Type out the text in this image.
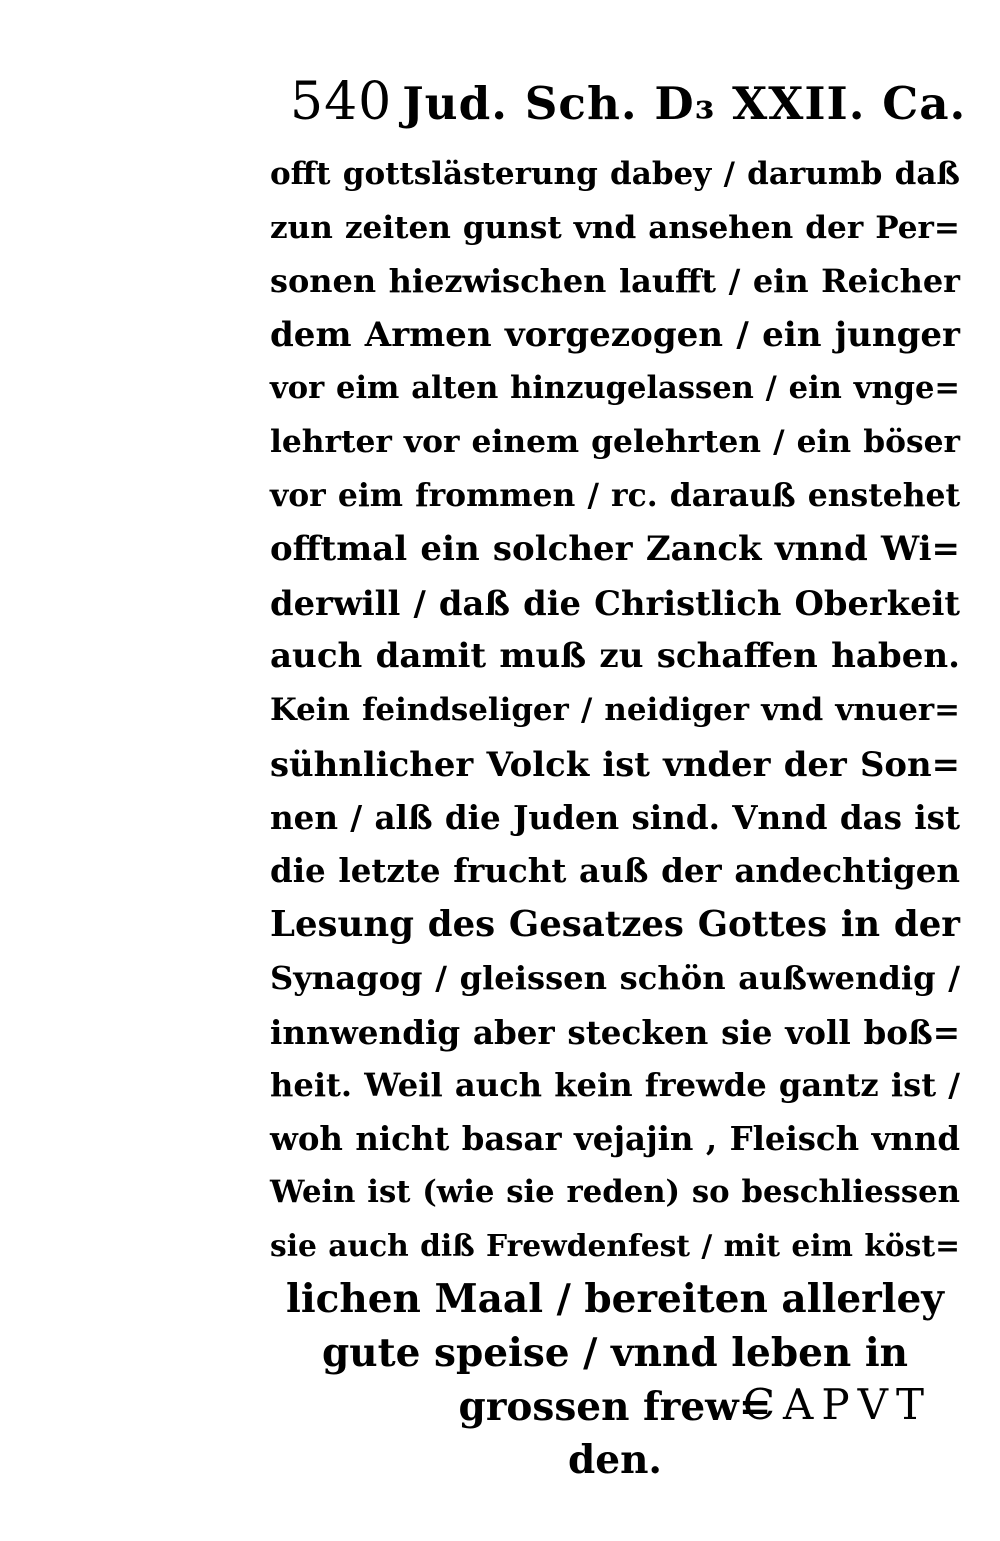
540 Jud. Sch. D₃ XXII. Ca.
offt gottslästerung dabey / darumb daß
zun zeiten gunst vnd ansehen der Per=
sonen hiezwischen laufft / ein Reicher
dem Armen vorgezogen / ein junger
vor eim alten hinzugelassen / ein vnge=
lehrter vor einem gelehrten / ein böser
vor eim frommen / rc. darauß enstehet
offtmal ein solcher Zanck vnnd Wi=
derwill / daß die Christlich Oberkeit
auch damit muß zu schaffen haben.
Kein feindseliger / neidiger vnd vnuer=
sühnlicher Volck ist vnder der Son=
nen / alß die Juden sind. Vnnd das ist
die letzte frucht auß der andechtigen
Lesung des Gesatzes Gottes in der
Synagog / gleissen schön außwendig /
innwendig aber stecken sie voll boß=
heit. Weil auch kein frewde gantz ist /
woh nicht basar vejajin , Fleisch vnnd
Wein ist (wie sie reden) so beschliessen
sie auch diß Frewdenfest / mit eim köst=
lichen Maal / bereiten allerley
gute speise / vnnd leben in
grossen frew=
den.
CAPVT
